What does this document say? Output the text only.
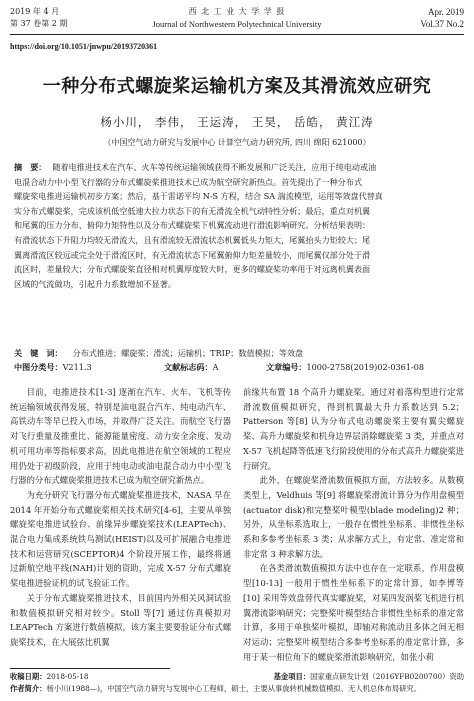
2019 年 4 月
第 37 卷第 2 期
西 北 工 业 大 学 学 报
Journal of Northwestern Polytechnical University
Apr. 2019
Vol.37 No.2
https://doi.org/10.1051/jnwpu/20193720361
一种分布式螺旋桨运输机方案及其滑流效应研究
杨小川， 李伟， 王运涛， 王昊， 岳皓， 黄江涛
（中国空气动力研究与发展中心 计算空气动力研究所, 四川 绵阳 621000）
摘　要： 随着电推进技术在汽车、火车等传统运输领域获得不断发展和广泛关注，应用于纯电动或油
电混合动力中小型飞行器的分布式螺旋桨推进技术已成为航空研究新热点。首先提出了一种分布式
螺旋桨电推进运输机初步方案；然后，基于雷诺平均 N-S 方程，结合 SA 湍流模型，运用等效盘代替真
实分布式螺旋桨，完成该机低空低速大拉力状态下的有无滑流全机气动特性分析；最后，重点对机翼
和尾翼的压力分布、俯仰力矩特性以及分布式螺旋桨下机翼流动进行滑流影响研究。分析结果表明：
有滑流状态下升阻力均较无滑流大，且有滑流较无滑流状态机翼低头力矩大，尾翼抬头力矩较大；尾
翼离滑流区较远或完全处于滑流区时，有无滑流状态下尾翼俯仰力矩差量较小，而尾翼仅部分处于滑
流区时，差量较大；分布式螺旋桨直径相对机翼厚度较大时，更多的螺旋桨功率用于对远离机翼表面
区域的气流做功，引起升力系数增加不显著。
关　键　词： 分布式推进；螺旋桨；滑流；运输机；TRIP；数值模拟；等效盘
中图分类号：V211.3	文献标志码：A	文章编号：1000-2758(2019)02-0361-08

目前，电推进技术[1-3] 逐渐在汽车、火车、飞机等传统运输领域获得发展，特别是油电混合汽车、纯电动汽车、高铁动车等早已投入市场，并取得广泛关注。而航空飞行器对飞行重量及推重比、能源能量密度、动力安全余度、发动机可用功率等指标要求高，因此电推进在航空领域的工程应用仍处于初级阶段，应用于纯电动或油电混合动力中小型飞行器的分布式螺旋桨推进技术已成为航空研究新热点。

为充分研究飞行器分布式螺旋桨推进技术，NASA 早在 2014 年开始分布式螺旋桨相关技术研究[4-6]，主要从单独螺旋桨电推进试验台、前缘异步螺旋桨技术(LEAPTech)、混合电力集成系统铁鸟测试(HEIST)以及可扩展融合电推进技术和运营研究(SCEPTOR)4 个阶段开展工作，最终将通过新航空地平线(NAH)计划的资助，完成 X-57 分布式螺旋桨电推进验证机的试飞验证工作。

关于分布式螺旋桨推进技术，目前国内外相关风洞试验和数值模拟研究相对较少。Stoll 等[7] 通过仿真模拟对 LEAPTech 方案进行数值模拟，该方案主要要验证分布式螺旋桨技术，在大展弦比机翼

前缘共布置 18 个高升力螺旋桨。通过对着落构型进行定常滑流数值模拟研究，得到机翼最大升力系数达到 5.2；Patterson 等[8] 认为分布式电动螺旋桨主要有翼尖螺旋桨、高升力螺旋桨和机身边界层消除螺旋桨 3 类，并重点对 X-57 飞机起降等低速飞行阶段使用的分布式高升力螺旋桨进行研究。

此外，在螺旋桨滑流数值模拟方面，方法较多。从数模类型上，Veldhuis 等[9] 将螺旋桨滑流计算分为作用盘模型(actuator disk)和完整桨叶模型(blade modeling)2 种；另外，从坐标系选取上，一般存在惯性坐标系、非惯性坐标系和多参考坐标系 3 类；从求解方式上，有定常、准定常和非定常 3 种求解方法。

在各类滑流数值模拟方法中也存在一定联系，作用盘模型[10-13] 一般用于惯性坐标系下的定常计算，如李博等[10] 采用等效盘替代真实螺旋桨，对某四发涡桨飞机进行机翼滑流影响研究；完整桨叶模型结合非惯性坐标系的准定常计算，多用于单独桨叶模拟，即轴对称流动且多体之间无相对运动；完整桨叶模型结合多参考坐标系的准定常计算，多用于某一相位角下的螺旋桨滑流影响研究，如张小莉

收稿日期：2018-05-18	基金项目：国家重点研发计划（2016YFB0200700）资助
作者简介：杨小川(1988—)，中国空气动力研究与发展中心工程师，硕士，主要从事旋转机械数值模拟、无人机总体布局研究。
